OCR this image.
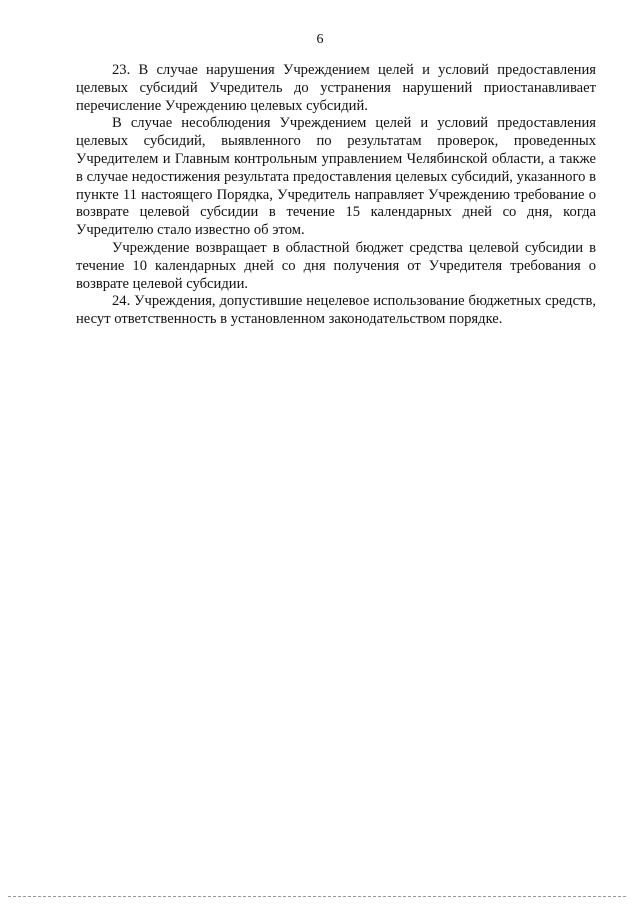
6

23. В случае нарушения Учреждением целей и условий предоставления целевых субсидий Учредитель до устранения нарушений приостанавливает перечисление Учреждению целевых субсидий.

В случае несоблюдения Учреждением целей и условий предоставления целевых субсидий, выявленного по результатам проверок, проведенных Учредителем и Главным контрольным управлением Челябинской области, а также в случае недостижения результата предоставления целевых субсидий, указанного в пункте 11 настоящего Порядка, Учредитель направляет Учреждению требование о возврате целевой субсидии в течение 15 календарных дней со дня, когда Учредителю стало известно об этом.

Учреждение возвращает в областной бюджет средства целевой субсидии в течение 10 календарных дней со дня получения от Учредителя требования о возврате целевой субсидии.

24. Учреждения, допустившие нецелевое использование бюджетных средств, несут ответственность в установленном законодательством порядке.
